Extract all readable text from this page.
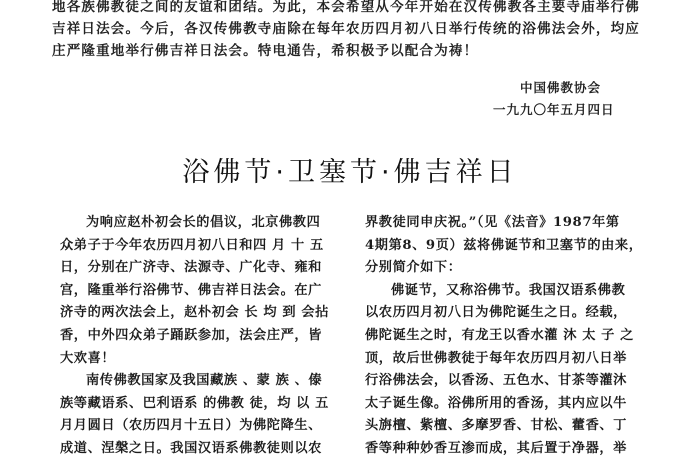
地各族佛教徒之间的友谊和团结。为此，本会希望从今年开始在汉传佛教各主要寺庙举行佛
吉祥日法会。今后，各汉传佛教寺庙除在每年农历四月初八日举行传统的浴佛法会外，均应
庄严隆重地举行佛吉祥日法会。特电通告，希积极予以配合为祷！
中国佛教协会
一九九〇年五月四日
浴佛节·卫塞节·佛吉祥日
为响应赵朴初会长的倡议，北京佛教四
众弟子于今年农历四月初八日和四 月 十 五
日，分别在广济寺、法源寺、广化寺、雍和
宫，隆重举行浴佛节、佛吉祥日法会。在广
济寺的两次法会上，赵朴初会 长 均 到 会拈
香，中外四众弟子踊跃参加，法会庄严，皆
大欢喜！
南传佛教国家及我国藏族 、蒙 族 、傣
族等藏语系、巴利语系 的佛教 徒，均 以 五
月月圆日（农历四月十五日）为佛陀降生、
成道、涅槃之日。我国汉语系佛教徒则以农
界教徒同申庆祝。”（见《法音》1987年第
4期第8、9页）兹将佛诞节和卫塞节的由来，
分别简介如下：
佛诞节，又称浴佛节。我国汉语系佛教
以农历四月初八日为佛陀诞生之日。经载，
佛陀诞生之时，有龙王以香水灌 沐 太 子 之
顶，故后世佛教徒于每年农历四月初八日举
行浴佛法会，以香汤、五色水、甘茶等灌沐
太子诞生像。浴佛所用的香汤，其内应以牛
头旃檀、紫檀、多摩罗香、甘松、藿香、丁
香等种种妙香互渗而成，其后置于净器，举
